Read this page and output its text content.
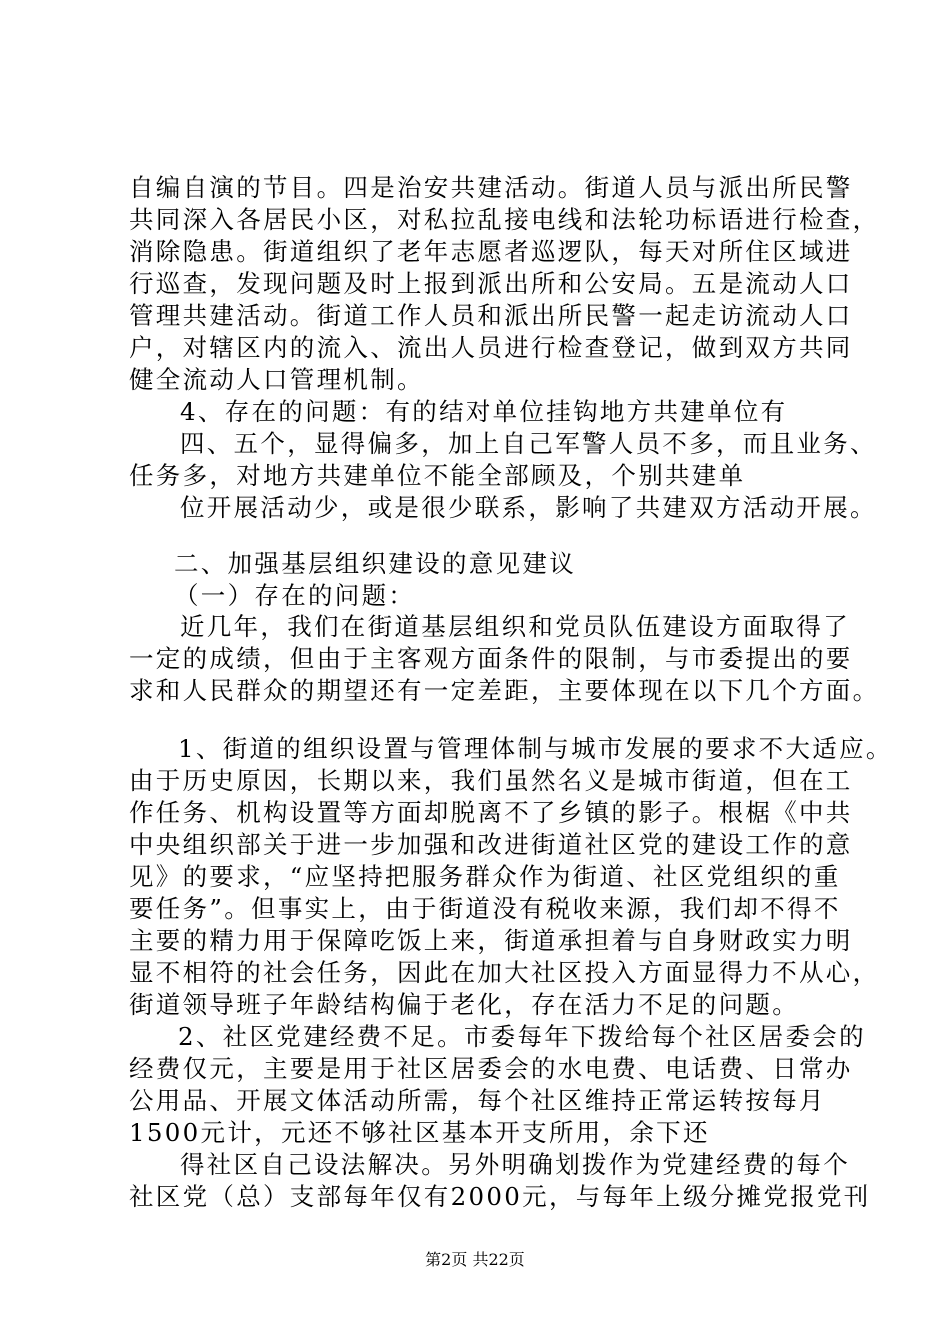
自编自演的节目。四是治安共建活动。街道人员与派出所民警
共同深入各居民小区，对私拉乱接电线和法轮功标语进行检查，
消除隐患。街道组织了老年志愿者巡逻队，每天对所住区域进
行巡查，发现问题及时上报到派出所和公安局。五是流动人口
管理共建活动。街道工作人员和派出所民警一起走访流动人口
户，对辖区内的流入、流出人员进行检查登记，做到双方共同
健全流动人口管理机制。
4、存在的问题：有的结对单位挂钩地方共建单位有
四、五个，显得偏多，加上自己军警人员不多，而且业务、
任务多，对地方共建单位不能全部顾及，个别共建单
位开展活动少，或是很少联系，影响了共建双方活动开展。
二、加强基层组织建设的意见建议
（一）存在的问题：
近几年，我们在街道基层组织和党员队伍建设方面取得了
一定的成绩，但由于主客观方面条件的限制，与市委提出的要
求和人民群众的期望还有一定差距，主要体现在以下几个方面。
1、街道的组织设置与管理体制与城市发展的要求不大适应。
由于历史原因，长期以来，我们虽然名义是城市街道，但在工
作任务、机构设置等方面却脱离不了乡镇的影子。根椐《中共
中央组织部关于进一步加强和改进街道社区党的建设工作的意
见》的要求，“应坚持把服务群众作为街道、社区党组织的重
要任务”。但事实上，由于街道没有税收来源，我们却不得不
主要的精力用于保障吃饭上来，街道承担着与自身财政实力明
显不相符的社会任务，因此在加大社区投入方面显得力不从心，
街道领导班子年龄结构偏于老化，存在活力不足的问题。
2、社区党建经费不足。市委每年下拨给每个社区居委会的
经费仅元，主要是用于社区居委会的水电费、电话费、日常办
公用品、开展文体活动所需，每个社区维持正常运转按每月
1500元计，元还不够社区基本开支所用，余下还
得社区自己设法解决。另外明确划拨作为党建经费的每个
社区党（总）支部每年仅有2000元，与每年上级分摊党报党刊
第2页 共22页
